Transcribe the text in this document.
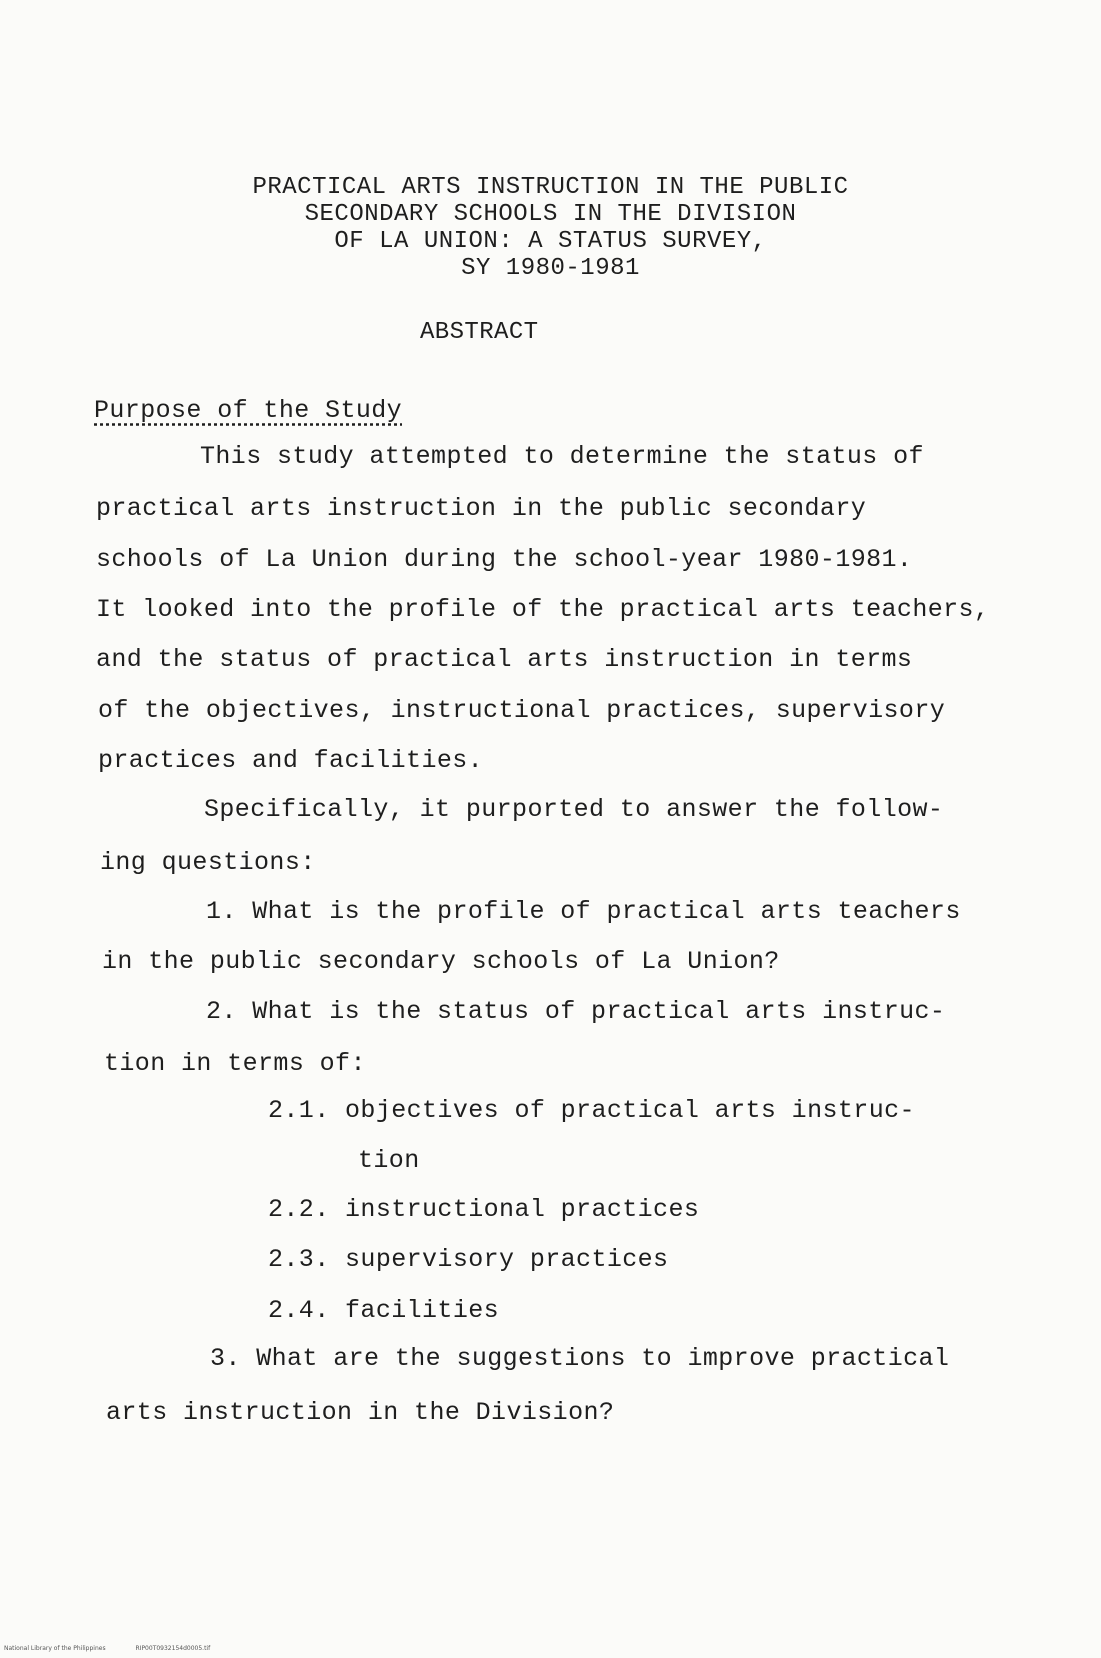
PRACTICAL ARTS INSTRUCTION IN THE PUBLIC
SECONDARY SCHOOLS IN THE DIVISION
OF LA UNION: A STATUS SURVEY,
SY 1980-1981
ABSTRACT
Purpose of the Study
This study attempted to determine the status of
practical arts instruction in the public secondary
schools of La Union during the school-year 1980-1981.
It looked into the profile of the practical arts teachers,
and the status of practical arts instruction in terms
of the objectives, instructional practices, supervisory
practices and facilities.
Specifically, it purported to answer the follow-
ing questions:
1. What is the profile of practical arts teachers
in the public secondary schools of La Union?
2. What is the status of practical arts instruc-
tion in terms of:
2.1. objectives of practical arts instruc-
tion
2.2. instructional practices
2.3. supervisory practices
2.4. facilities
3. What are the suggestions to improve practical
arts instruction in the Division?
National Library of the Philippines	RIP00T0932154d0005.tif
